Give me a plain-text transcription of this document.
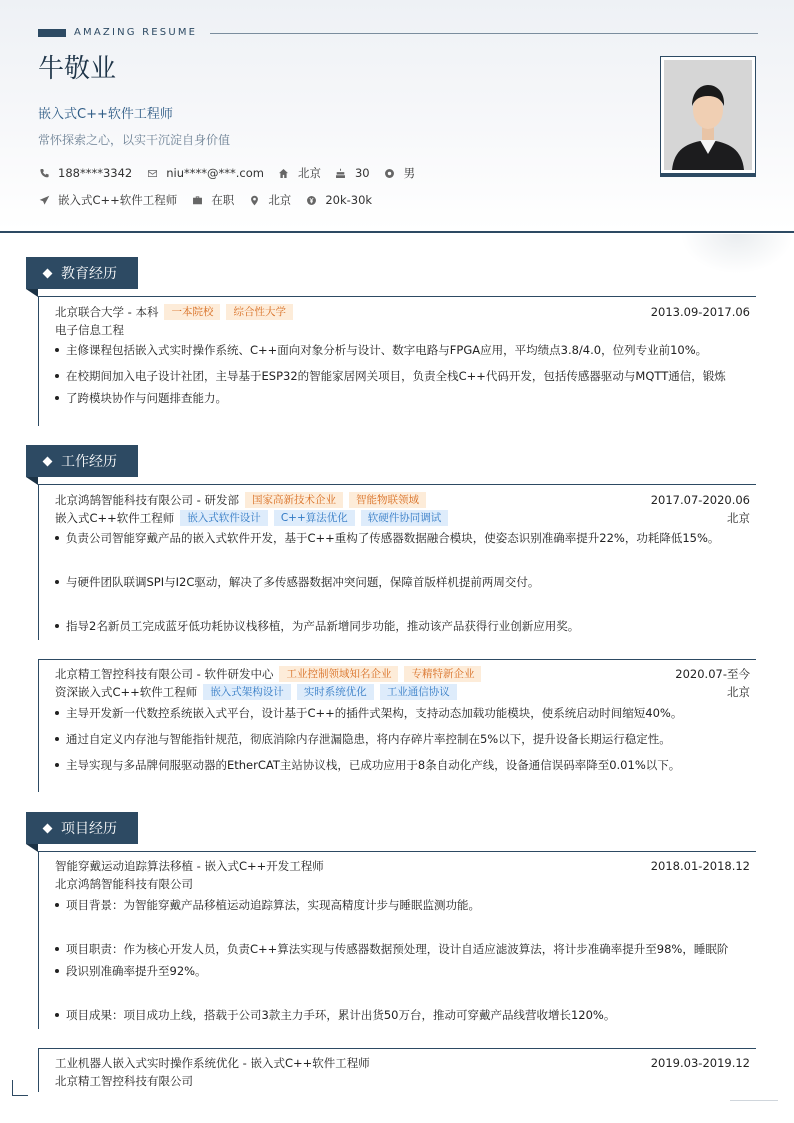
AMAZING RESUME
牛敬业
嵌入式C++软件工程师
常怀探索之心，以实干沉淀自身价值
188****3342	niu****@***.com	北京	30	男
嵌入式C++软件工程师	在职	北京	20k-30k
教育经历
北京联合大学 - 本科	一本院校	综合性大学	2013.09-2017.06
电子信息工程
主修课程包括嵌入式实时操作系统、C++面向对象分析与设计、数字电路与FPGA应用，平均绩点3.8/4.0，位列专业前10%。
在校期间加入电子设计社团，主导基于ESP32的智能家居网关项目，负责全栈C++代码开发，包括传感器驱动与MQTT通信，锻炼
了跨模块协作与问题排查能力。
工作经历
北京鸿鹄智能科技有限公司 - 研发部	国家高新技术企业	智能物联领域	2017.07-2020.06
嵌入式C++软件工程师	嵌入式软件设计	C++算法优化	软硬件协同调试	北京
负责公司智能穿戴产品的嵌入式软件开发，基于C++重构了传感器数据融合模块，使姿态识别准确率提升22%，功耗降低15%。
与硬件团队联调SPI与I2C驱动，解决了多传感器数据冲突问题，保障首版样机提前两周交付。
指导2名新员工完成蓝牙低功耗协议栈移植，为产品新增同步功能，推动该产品获得行业创新应用奖。
北京精工智控科技有限公司 - 软件研发中心	工业控制领域知名企业	专精特新企业	2020.07-至今
资深嵌入式C++软件工程师	嵌入式架构设计	实时系统优化	工业通信协议	北京
主导开发新一代数控系统嵌入式平台，设计基于C++的插件式架构，支持动态加载功能模块，使系统启动时间缩短40%。
通过自定义内存池与智能指针规范，彻底消除内存泄漏隐患，将内存碎片率控制在5%以下，提升设备长期运行稳定性。
主导实现与多品牌伺服驱动器的EtherCAT主站协议栈，已成功应用于8条自动化产线，设备通信误码率降至0.01%以下。
项目经历
智能穿戴运动追踪算法移植 - 嵌入式C++开发工程师	2018.01-2018.12
北京鸿鹄智能科技有限公司
项目背景：为智能穿戴产品移植运动追踪算法，实现高精度计步与睡眠监测功能。
项目职责：作为核心开发人员，负责C++算法实现与传感器数据预处理，设计自适应滤波算法，将计步准确率提升至98%，睡眠阶
段识别准确率提升至92%。
项目成果：项目成功上线，搭载于公司3款主力手环，累计出货50万台，推动可穿戴产品线营收增长120%。
工业机器人嵌入式实时操作系统优化 - 嵌入式C++软件工程师	2019.03-2019.12
北京精工智控科技有限公司
